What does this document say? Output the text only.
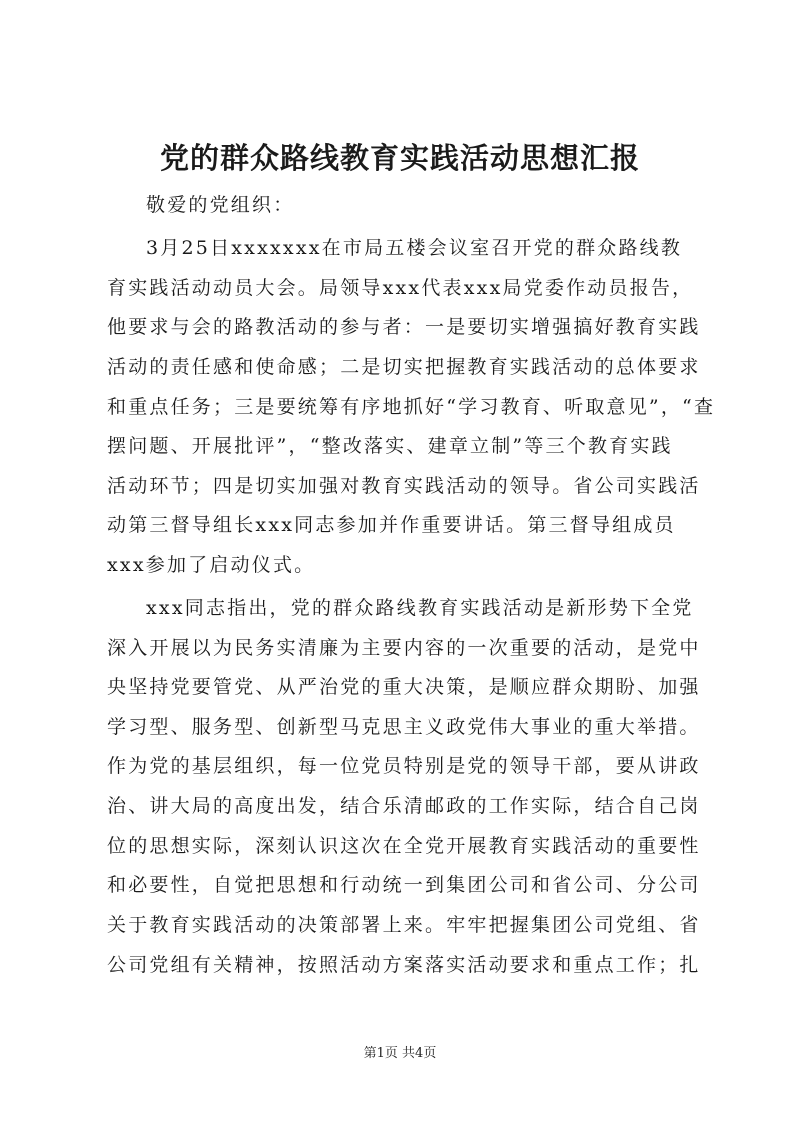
党的群众路线教育实践活动思想汇报
敬爱的党组织：
3月25日xxxxxxx在市局五楼会议室召开党的群众路线教
育实践活动动员大会。局领导xxx代表xxx局党委作动员报告，
他要求与会的路教活动的参与者：一是要切实增强搞好教育实践
活动的责任感和使命感；二是切实把握教育实践活动的总体要求
和重点任务；三是要统筹有序地抓好“学习教育、听取意见”，“查
摆问题、开展批评”，“整改落实、建章立制”等三个教育实践
活动环节；四是切实加强对教育实践活动的领导。省公司实践活
动第三督导组长xxx同志参加并作重要讲话。第三督导组成员
xxx参加了启动仪式。
xxx同志指出，党的群众路线教育实践活动是新形势下全党
深入开展以为民务实清廉为主要内容的一次重要的活动，是党中
央坚持党要管党、从严治党的重大决策，是顺应群众期盼、加强
学习型、服务型、创新型马克思主义政党伟大事业的重大举措。
作为党的基层组织，每一位党员特别是党的领导干部，要从讲政
治、讲大局的高度出发，结合乐清邮政的工作实际，结合自己岗
位的思想实际，深刻认识这次在全党开展教育实践活动的重要性
和必要性，自觉把思想和行动统一到集团公司和省公司、分公司
关于教育实践活动的决策部署上来。牢牢把握集团公司党组、省
公司党组有关精神，按照活动方案落实活动要求和重点工作；扎
第1页 共4页
